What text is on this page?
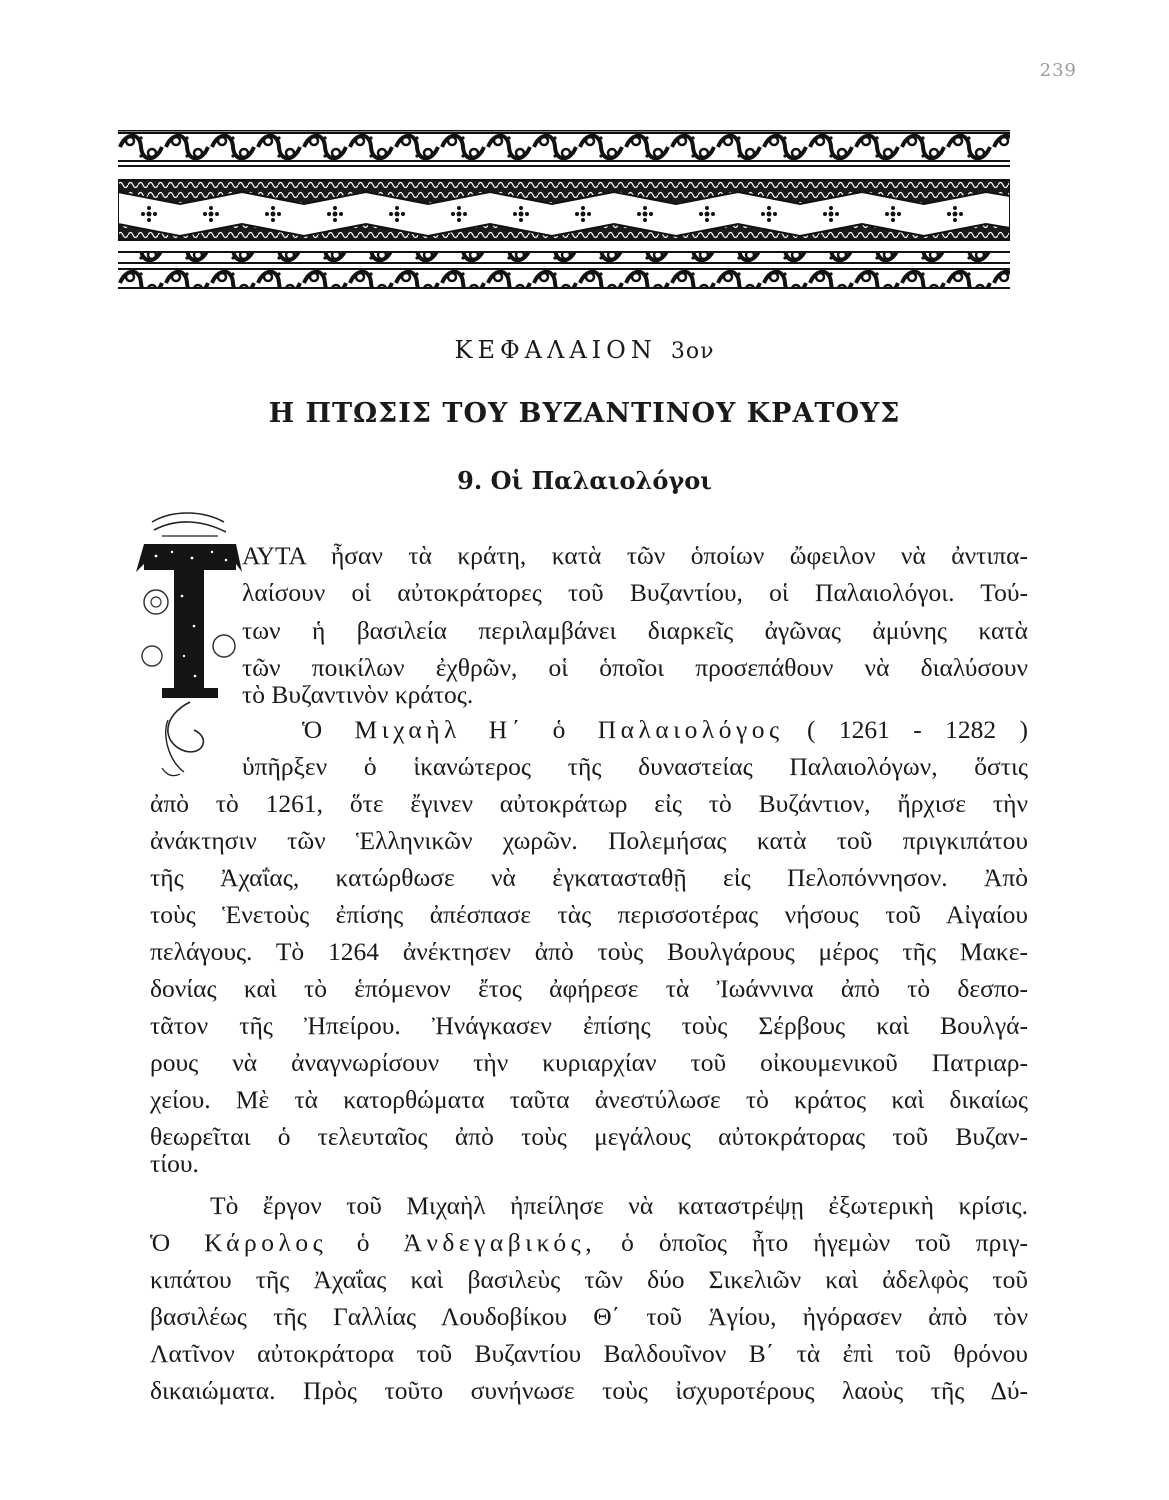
239
ΚΕΦΑΛΑΙΟΝ 3ον
Η ΠΤΩΣΙΣ ΤΟΥ ΒΥΖΑΝΤΙΝΟΥ ΚΡΑΤΟΥΣ
9. Οἱ Παλαιολόγοι
ΑΥΤΑ ἦσαν τὰ κράτη, κατὰ τῶν ὁποίων ὤφειλον νὰ ἀντιπα-
λαίσουν οἱ αὐτοκράτορες τοῦ Βυζαντίου, οἱ Παλαιολόγοι. Τού-
των ἡ βασιλεία περιλαμβάνει διαρκεῖς ἀγῶνας ἀμύνης κατὰ
τῶν ποικίλων ἐχθρῶν, οἱ ὁποῖοι προσεπάθουν νὰ διαλύσουν
τὸ Βυζαντινὸν κράτος.
Ὁ Μιχαὴλ Η΄ ὁ Παλαιολόγος ( 1261 - 1282 )
ὑπῆρξεν ὁ ἱκανώτερος τῆς δυναστείας Παλαιολόγων, ὅστις
ἀπὸ τὸ 1261, ὅτε ἔγινεν αὐτοκράτωρ εἰς τὸ Βυζάντιον, ἤρχισε τὴν
ἀνάκτησιν τῶν Ἑλληνικῶν χωρῶν. Πολεμήσας κατὰ τοῦ πριγκιπάτου
τῆς Ἀχαΐας, κατώρθωσε νὰ ἐγκατασταθῇ εἰς Πελοπόννησον. Ἀπὸ
τοὺς Ἑνετοὺς ἐπίσης ἀπέσπασε τὰς περισσοτέρας νήσους τοῦ Αἰγαίου
πελάγους. Τὸ 1264 ἀνέκτησεν ἀπὸ τοὺς Βουλγάρους μέρος τῆς Μακε-
δονίας καὶ τὸ ἑπόμενον ἔτος ἀφήρεσε τὰ Ἰωάννινα ἀπὸ τὸ δεσπο-
τᾶτον τῆς Ἠπείρου. Ἠνάγκασεν ἐπίσης τοὺς Σέρβους καὶ Βουλγά-
ρους νὰ ἀναγνωρίσουν τὴν κυριαρχίαν τοῦ οἰκουμενικοῦ Πατριαρ-
χείου. Μὲ τὰ κατορθώματα ταῦτα ἀνεστύλωσε τὸ κράτος καὶ δικαίως
θεωρεῖται ὁ τελευταῖος ἀπὸ τοὺς μεγάλους αὐτοκράτορας τοῦ Βυζαν-
τίου.
Τὸ ἔργον τοῦ Μιχαὴλ ἠπείλησε νὰ καταστρέψῃ ἐξωτερικὴ κρίσις.
Ὁ Κάρολος ὁ Ἀνδεγαβικός, ὁ ὁποῖος ἦτο ἡγεμὼν τοῦ πριγ-
κιπάτου τῆς Ἀχαΐας καὶ βασιλεὺς τῶν δύο Σικελιῶν καὶ ἀδελφὸς τοῦ
βασιλέως τῆς Γαλλίας Λουδοβίκου Θ΄ τοῦ Ἁγίου, ἠγόρασεν ἀπὸ τὸν
Λατῖνον αὐτοκράτορα τοῦ Βυζαντίου Βαλδουῖνον Β΄ τὰ ἐπὶ τοῦ θρόνου
δικαιώματα. Πρὸς τοῦτο συνήνωσε τοὺς ἰσχυροτέρους λαοὺς τῆς Δύ-
